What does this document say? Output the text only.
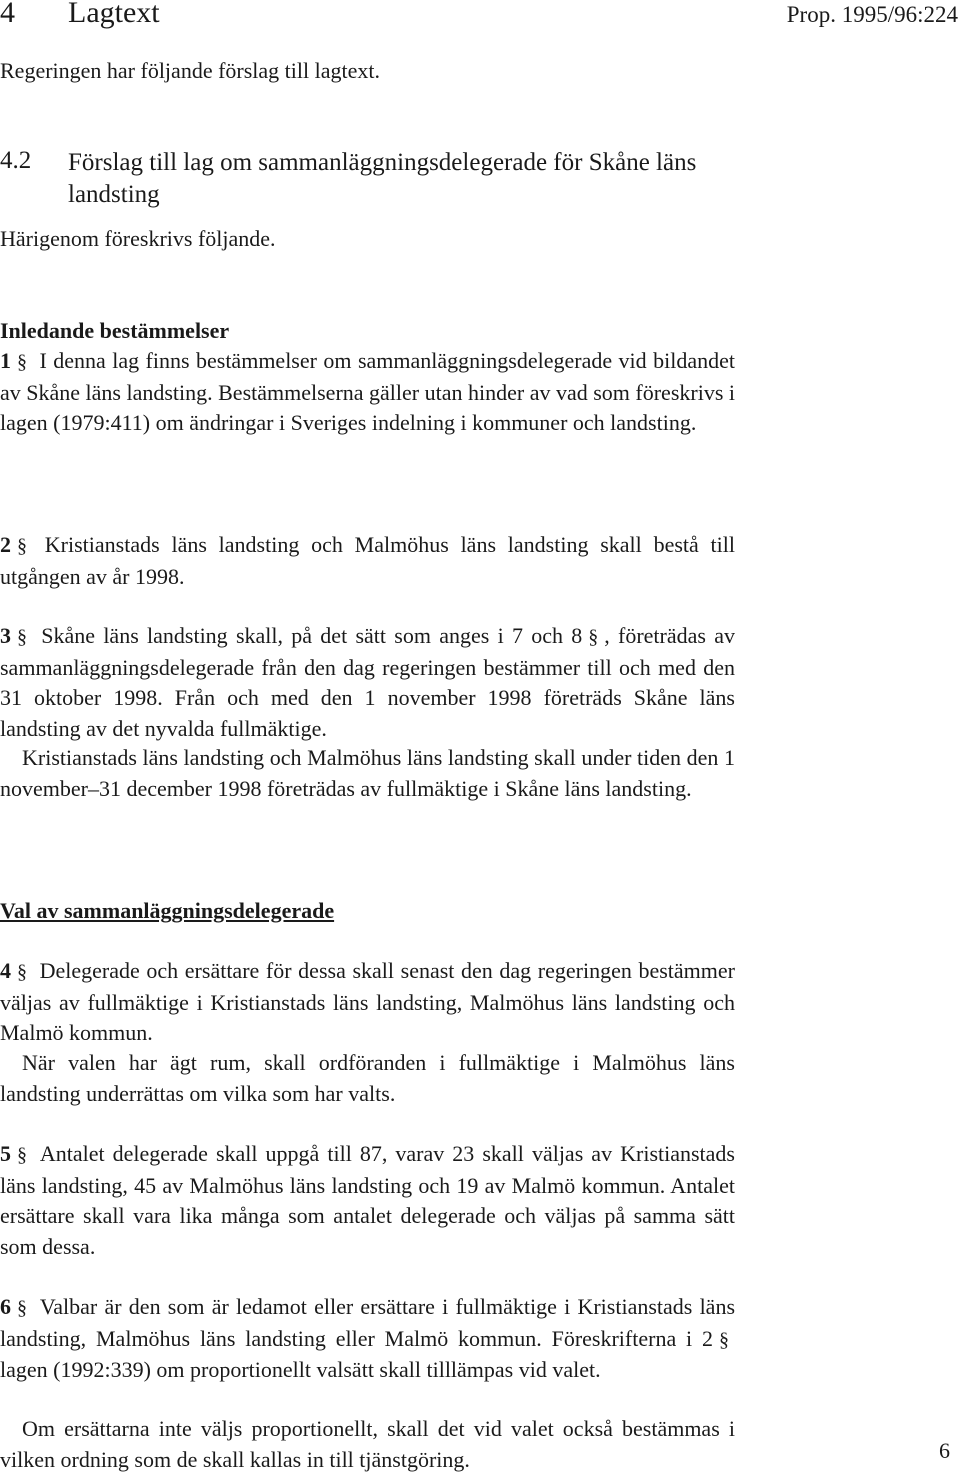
4 Lagtext	Prop. 1995/96:224
Regeringen har följande förslag till lagtext.
4.2 Förslag till lag om sammanläggningsdelegerade för Skåne läns landsting
Härigenom föreskrivs följande.
Inledande bestämmelser
1 § I denna lag finns bestämmelser om sammanläggningsdelegerade vid bildandet av Skåne läns landsting. Bestämmelserna gäller utan hinder av vad som föreskrivs i lagen (1979:411) om ändringar i Sveriges indelning i kommuner och landsting.
2 § Kristianstads läns landsting och Malmöhus läns landsting skall bestå till utgången av år 1998.
3 § Skåne läns landsting skall, på det sätt som anges i 7 och 8 § , företrädas av sammanläggningsdelegerade från den dag regeringen bestämmer till och med den 31 oktober 1998. Från och med den 1 november 1998 företräds Skåne läns landsting av det nyvalda fullmäktige.
Kristianstads läns landsting och Malmöhus läns landsting skall under tiden den 1 november–31 december 1998 företrädas av fullmäktige i Skåne läns landsting.
Val av sammanläggningsdelegerade
4 § Delegerade och ersättare för dessa skall senast den dag regeringen bestämmer väljas av fullmäktige i Kristianstads läns landsting, Malmöhus läns landsting och Malmö kommun.
När valen har ägt rum, skall ordföranden i fullmäktige i Malmöhus läns landsting underrättas om vilka som har valts.
5 § Antalet delegerade skall uppgå till 87, varav 23 skall väljas av Kristianstads läns landsting, 45 av Malmöhus läns landsting och 19 av Malmö kommun. Antalet ersättare skall vara lika många som antalet delegerade och väljas på samma sätt som dessa.
6 § Valbar är den som är ledamot eller ersättare i fullmäktige i Kristianstads läns landsting, Malmöhus läns landsting eller Malmö kommun. Föreskrifterna i 2 §lagen (1992:339) om proportionellt valsätt skall tilllämpas vid valet.
Om ersättarna inte väljs proportionellt, skall det vid valet också bestämmas i vilken ordning som de skall kallas in till tjänstgöring.	6
